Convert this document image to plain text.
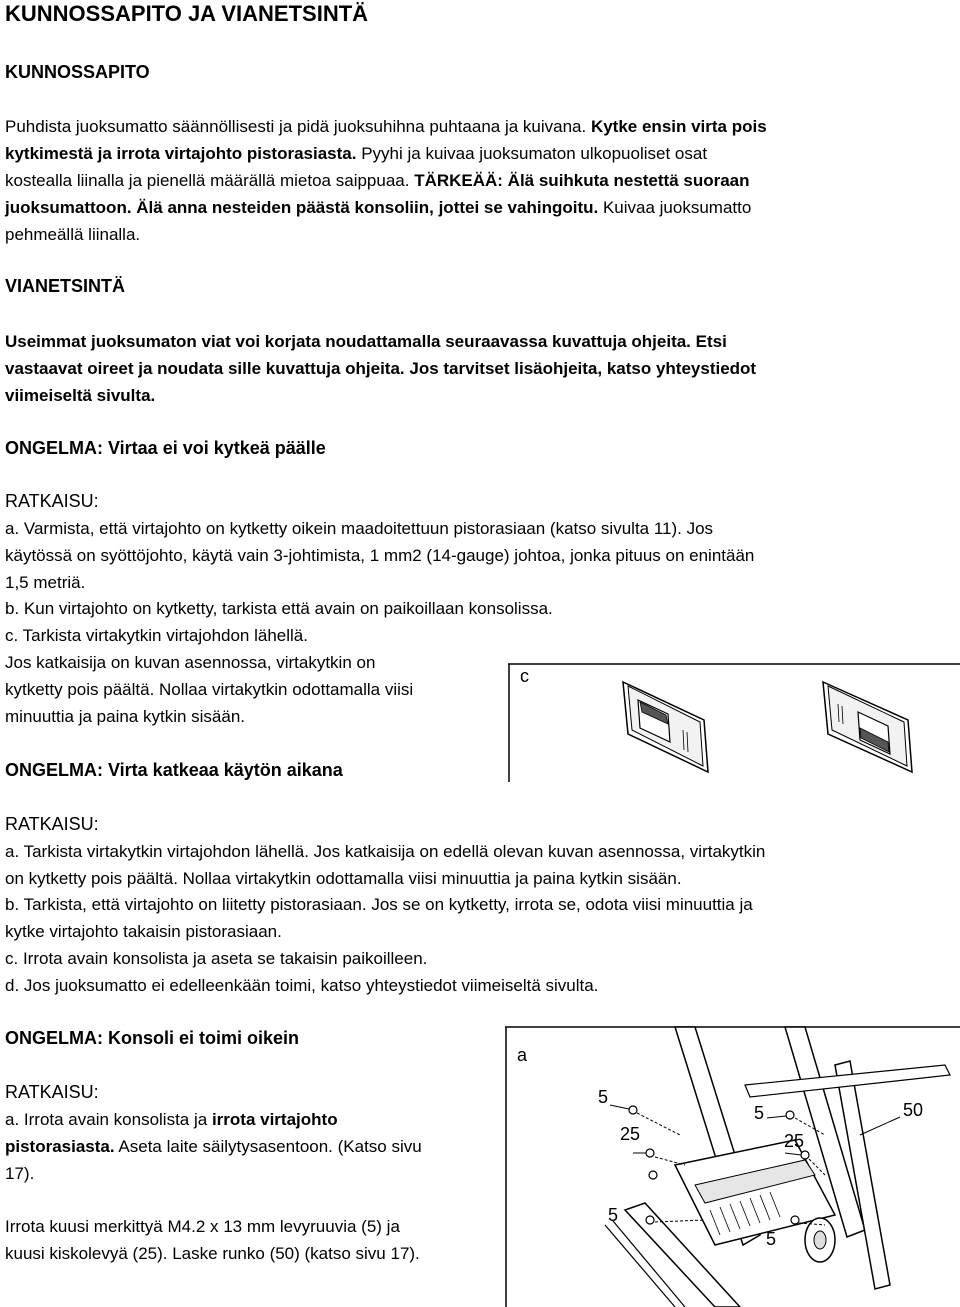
KUNNOSSAPITO JA VIANETSINTÄ
KUNNOSSAPITO
Puhdista juoksumatto säännöllisesti ja pidä juoksuhihna puhtaana ja kuivana. Kytke ensin virta pois
kytkimestä ja irrota virtajohto pistorasiasta. Pyyhi ja kuivaa juoksumaton ulkopuoliset osat
kostealla liinalla ja pienellä määrällä mietoa saippuaa. TÄRKEÄÄ: Älä suihkuta nestettä suoraan
juoksumattoon. Älä anna nesteiden päästä konsoliin, jottei se vahingoitu. Kuivaa juoksumatto
pehmeällä liinalla.
VIANETSINTÄ
Useimmat juoksumaton viat voi korjata noudattamalla seuraavassa kuvattuja ohjeita. Etsi
vastaavat oireet ja noudata sille kuvattuja ohjeita. Jos tarvitset lisäohjeita, katso yhteystiedot
viimeiseltä sivulta.
ONGELMA: Virtaa ei voi kytkeä päälle
RATKAISU:
a. Varmista, että virtajohto on kytketty oikein maadoitettuun pistorasiaan (katso sivulta 11). Jos
käytössä on syöttöjohto, käytä vain 3-johtimista, 1 mm2 (14-gauge) johtoa, jonka pituus on enintään
1,5 metriä.
b. Kun virtajohto on kytketty, tarkista että avain on paikoillaan konsolissa.
c. Tarkista virtakytkin virtajohdon lähellä.
Jos katkaisija on kuvan asennossa, virtakytkin on
kytketty pois päältä. Nollaa virtakytkin odottamalla viisi
minuuttia ja paina kytkin sisään.
c
ONGELMA: Virta katkeaa käytön aikana
RATKAISU:
a. Tarkista virtakytkin virtajohdon lähellä. Jos katkaisija on edellä olevan kuvan asennossa, virtakytkin
on kytketty pois päältä. Nollaa virtakytkin odottamalla viisi minuuttia ja paina kytkin sisään.
b. Tarkista, että virtajohto on liitetty pistorasiaan. Jos se on kytketty, irrota se, odota viisi minuuttia ja
kytke virtajohto takaisin pistorasiaan.
c. Irrota avain konsolista ja aseta se takaisin paikoilleen.
d. Jos juoksumatto ei edelleenkään toimi, katso yhteystiedot viimeiseltä sivulta.
ONGELMA: Konsoli ei toimi oikein
RATKAISU:
a. Irrota avain konsolista ja irrota virtajohto
pistorasiasta. Aseta laite säilytysasentoon. (Katso sivu
17).
Irrota kuusi merkittyä M4.2 x 13 mm levyruuvia (5) ja
kuusi kiskolevyä (25). Laske runko (50) (katso sivu 17).
a
5
5	50
25	25
5
5
